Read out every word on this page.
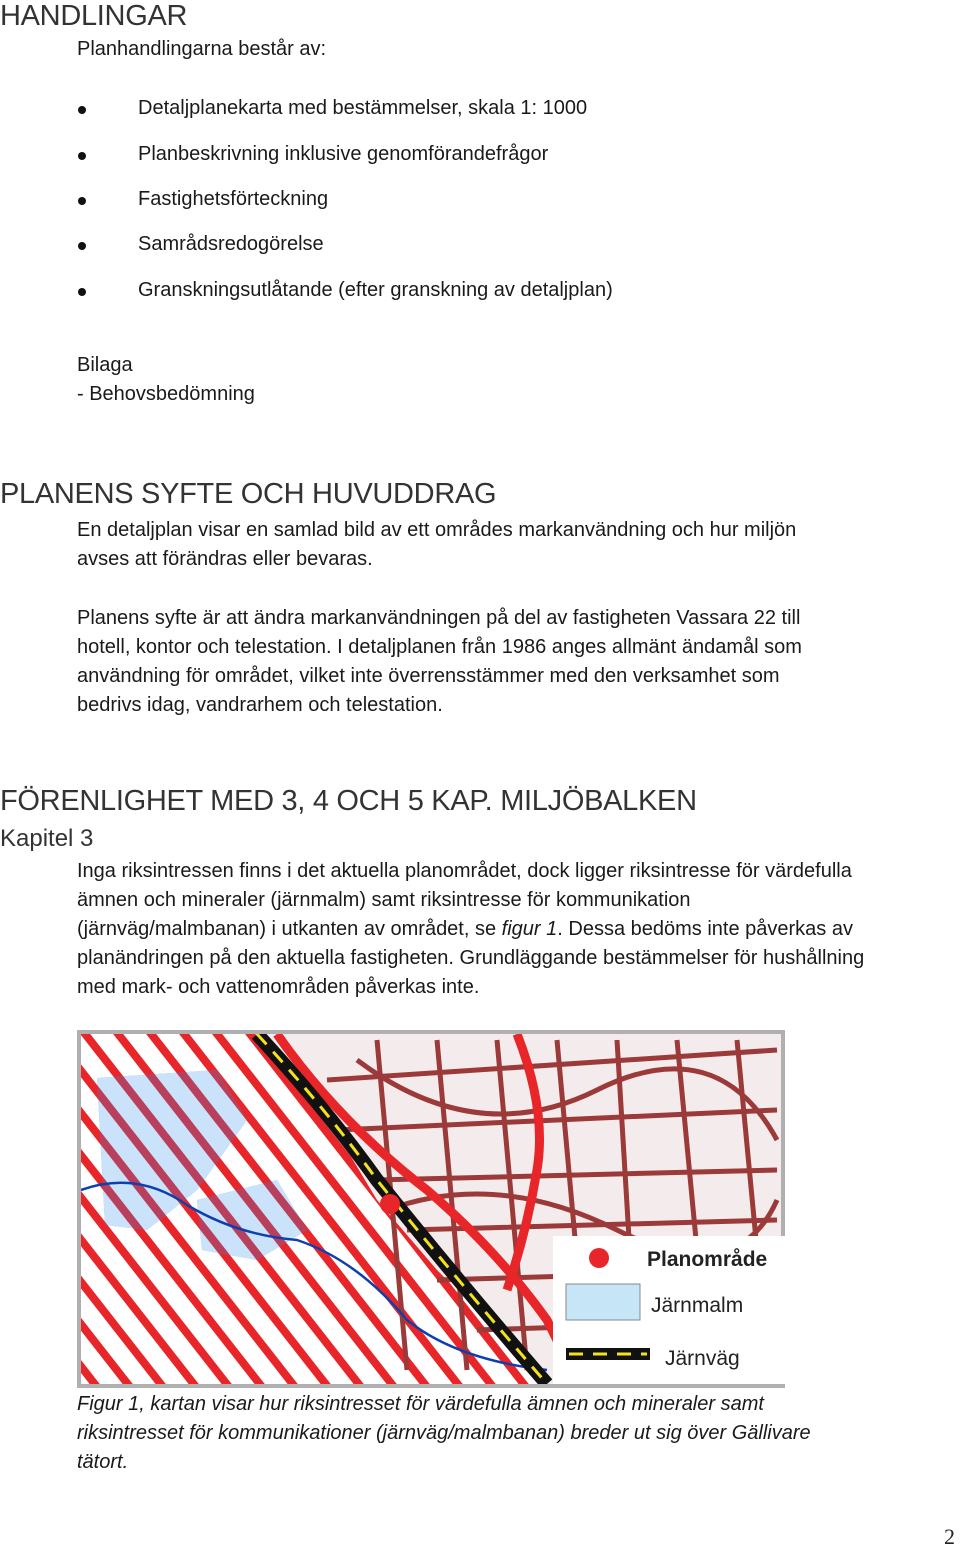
HANDLINGAR
Planhandlingarna består av:
Detaljplanekarta med bestämmelser, skala 1: 1000
Planbeskrivning inklusive genomförandefrågor
Fastighetsförteckning
Samrådsredogörelse
Granskningsutlåtande (efter granskning av detaljplan)
Bilaga
- Behovsbedömning
PLANENS SYFTE OCH HUVUDDRAG
En detaljplan visar en samlad bild av ett områdes markanvändning och hur miljön avses att förändras eller bevaras.
Planens syfte är att ändra markanvändningen på del av fastigheten Vassara 22 till hotell, kontor och telestation. I detaljplanen från 1986 anges allmänt ändamål som användning för området, vilket inte överrensstämmer med den verksamhet som bedrivs idag, vandrarhem och telestation.
FÖRENLIGHET MED 3, 4 OCH 5 KAP. MILJÖBALKEN
Kapitel 3
Inga riksintressen finns i det aktuella planområdet, dock ligger riksintresse för värdefulla ämnen och mineraler (järnmalm) samt riksintresse för kommunikation (järnväg/malmbanan) i utkanten av området, se figur 1. Dessa bedöms inte påverkas av planändringen på den aktuella fastigheten. Grundläggande bestämmelser för hushållning med mark- och vattenområden påverkas inte.
Planområde
Järnmalm
Järnväg
Figur 1, kartan visar hur riksintresset för värdefulla ämnen och mineraler samt riksintresset för kommunikationer (järnväg/malmbanan) breder ut sig över Gällivare tätort.
2
